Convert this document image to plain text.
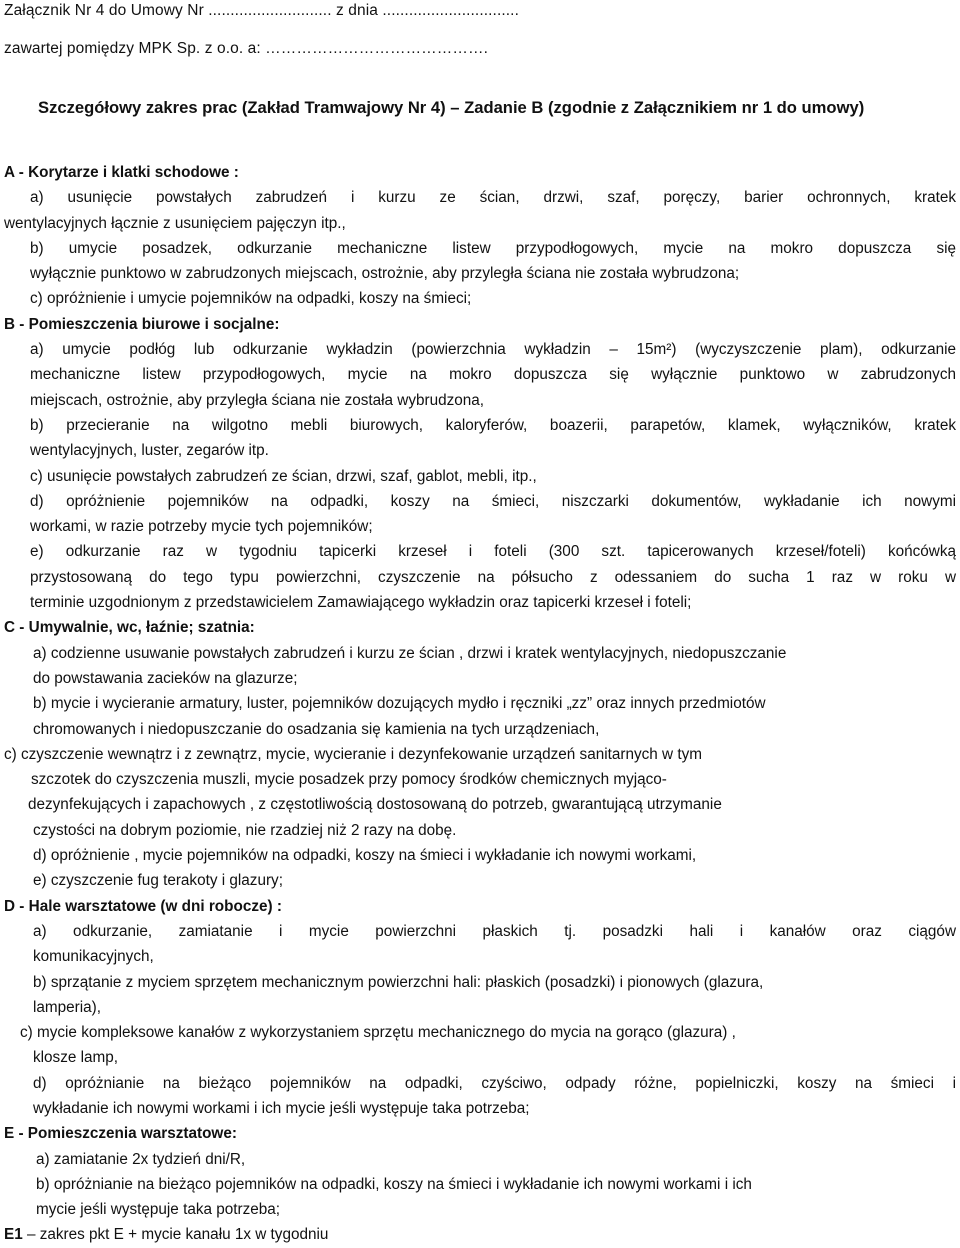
Załącznik Nr 4 do Umowy Nr ............................ z dnia ...............................
zawartej pomiędzy MPK Sp. z o.o. a: …………………………………….
Szczegółowy zakres prac (Zakład Tramwajowy Nr 4) – Zadanie B (zgodnie z Załącznikiem nr 1 do umowy)
A - Korytarze i klatki schodowe :
a) usunięcie powstałych zabrudzeń i kurzu ze ścian, drzwi, szaf, poręczy, barier ochronnych, kratek
wentylacyjnych łącznie z usunięciem pajęczyn itp.,
b) umycie posadzek, odkurzanie mechaniczne listew przypodłogowych, mycie na mokro dopuszcza się
wyłącznie punktowo w zabrudzonych miejscach, ostrożnie, aby przyległa ściana nie została wybrudzona;
c) opróżnienie i umycie pojemników na odpadki, koszy na śmieci;
B - Pomieszczenia biurowe i socjalne:
a) umycie podłóg lub odkurzanie wykładzin (powierzchnia wykładzin – 15m²) (wyczyszczenie plam), odkurzanie
mechaniczne listew przypodłogowych, mycie na mokro dopuszcza się wyłącznie punktowo w zabrudzonych
miejscach, ostrożnie, aby przyległa ściana nie została wybrudzona,
b) przecieranie na wilgotno mebli biurowych, kaloryferów, boazerii, parapetów, klamek, wyłączników, kratek
wentylacyjnych, luster, zegarów itp.
c) usunięcie powstałych zabrudzeń ze ścian, drzwi, szaf, gablot, mebli, itp.,
d) opróżnienie pojemników na odpadki, koszy na śmieci, niszczarki dokumentów, wykładanie ich nowymi
workami, w razie potrzeby mycie tych pojemników;
e) odkurzanie raz w tygodniu tapicerki krzeseł i foteli (300 szt. tapicerowanych krzeseł/foteli) końcówką
przystosowaną do tego typu powierzchni, czyszczenie na półsucho z odessaniem do sucha 1 raz w roku w
terminie uzgodnionym z przedstawicielem Zamawiającego wykładzin oraz tapicerki krzeseł i foteli;
C - Umywalnie, wc, łaźnie; szatnia:
a) codzienne usuwanie powstałych zabrudzeń i kurzu ze ścian , drzwi i kratek wentylacyjnych, niedopuszczanie
do powstawania zacieków na glazurze;
b) mycie i wycieranie armatury, luster, pojemników dozujących mydło i ręczniki „zz” oraz innych przedmiotów
chromowanych i niedopuszczanie do osadzania się kamienia na tych urządzeniach,
c) czyszczenie wewnątrz i z zewnątrz, mycie, wycieranie i dezynfekowanie urządzeń sanitarnych w tym
szczotek do czyszczenia muszli, mycie posadzek przy pomocy środków chemicznych myjąco-
dezynfekujących i zapachowych , z częstotliwością dostosowaną do potrzeb, gwarantującą utrzymanie
czystości na dobrym poziomie, nie rzadziej niż 2 razy na dobę.
d) opróżnienie , mycie pojemników na odpadki, koszy na śmieci i wykładanie ich nowymi workami,
e) czyszczenie fug terakoty i glazury;
D - Hale warsztatowe (w dni robocze) :
a) odkurzanie, zamiatanie i mycie powierzchni płaskich tj. posadzki hali i kanałów oraz ciągów
komunikacyjnych,
b) sprzątanie z myciem sprzętem mechanicznym powierzchni hali: płaskich (posadzki) i pionowych (glazura,
lamperia),
c) mycie kompleksowe kanałów z wykorzystaniem sprzętu mechanicznego do mycia na gorąco (glazura) ,
klosze lamp,
d) opróżnianie na bieżąco pojemników na odpadki, czyściwo, odpady różne, popielniczki, koszy na śmieci i
wykładanie ich nowymi workami i ich mycie jeśli występuje taka potrzeba;
E - Pomieszczenia warsztatowe:
a) zamiatanie 2x tydzień dni/R,
b) opróżnianie na bieżąco pojemników na odpadki, koszy na śmieci i wykładanie ich nowymi workami i ich
mycie jeśli występuje taka potrzeba;
E1 – zakres pkt E + mycie kanału 1x w tygodniu
